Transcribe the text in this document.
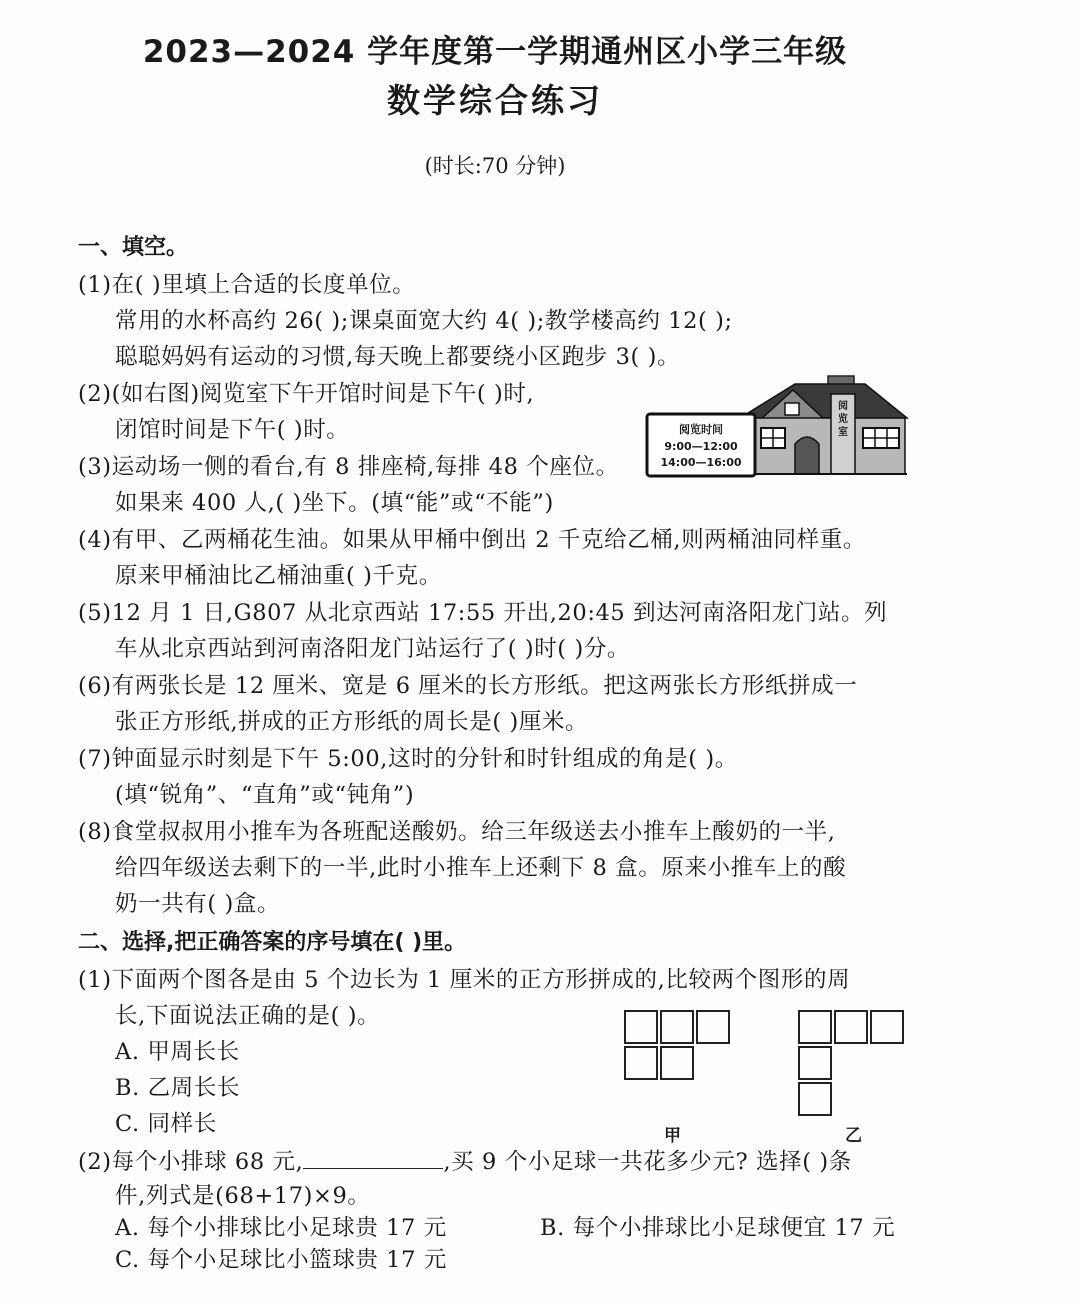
2023—2024 学年度第一学期通州区小学三年级
数学综合练习
(时长:70 分钟)
一、填空。
(1)在( )里填上合适的长度单位。
常用的水杯高约 26( );课桌面宽大约 4( );教学楼高约 12( );
聪聪妈妈有运动的习惯,每天晚上都要绕小区跑步 3( )。
(2)(如右图)阅览室下午开馆时间是下午( )时,
闭馆时间是下午( )时。
(3)运动场一侧的看台,有 8 排座椅,每排 48 个座位。
如果来 400 人,( )坐下。(填“能”或“不能”)
(4)有甲、乙两桶花生油。如果从甲桶中倒出 2 千克给乙桶,则两桶油同样重。
原来甲桶油比乙桶油重( )千克。
(5)12 月 1 日,G807 从北京西站 17:55 开出,20:45 到达河南洛阳龙门站。列
车从北京西站到河南洛阳龙门站运行了( )时( )分。
(6)有两张长是 12 厘米、宽是 6 厘米的长方形纸。把这两张长方形纸拼成一
张正方形纸,拼成的正方形纸的周长是( )厘米。
(7)钟面显示时刻是下午 5:00,这时的分针和时针组成的角是( )。
(填“锐角”、“直角”或“钝角”)
(8)食堂叔叔用小推车为各班配送酸奶。给三年级送去小推车上酸奶的一半,
给四年级送去剩下的一半,此时小推车上还剩下 8 盒。原来小推车上的酸
奶一共有( )盒。
阅览时间
9:00—12:00
14:00—16:00
阅览室
二、选择,把正确答案的序号填在( )里。
(1)下面两个图各是由 5 个边长为 1 厘米的正方形拼成的,比较两个图形的周
长,下面说法正确的是( )。
A. 甲周长长
B. 乙周长长
C. 同样长	甲	乙
(2)每个小排球 68 元,	,买 9 个小足球一共花多少元? 选择( )条
件,列式是(68+17)×9。
A. 每个小排球比小足球贵 17 元	B. 每个小排球比小足球便宜 17 元
C. 每个小足球比小篮球贵 17 元
